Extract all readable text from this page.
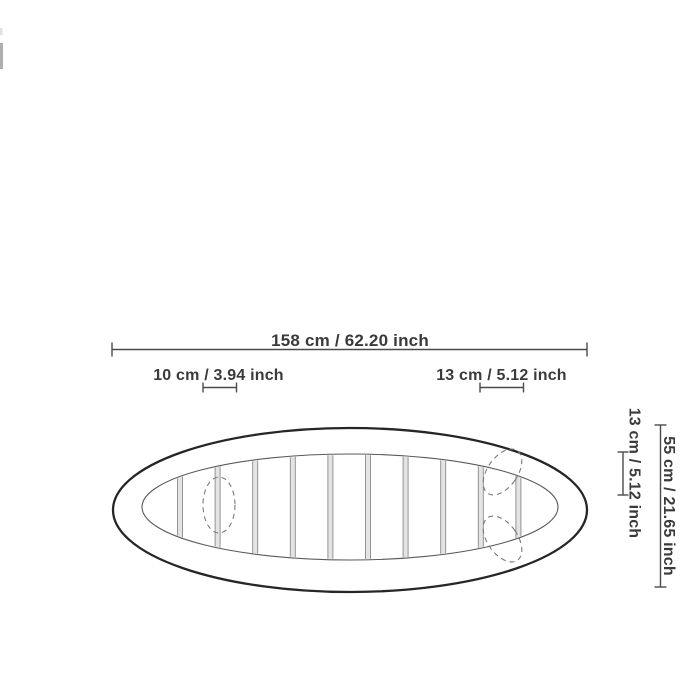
158 cm / 62.20 inch
10 cm / 3.94 inch	13 cm / 5.12 inch
55 cm / 21.65 inch
13 cm / 5.12 inch
